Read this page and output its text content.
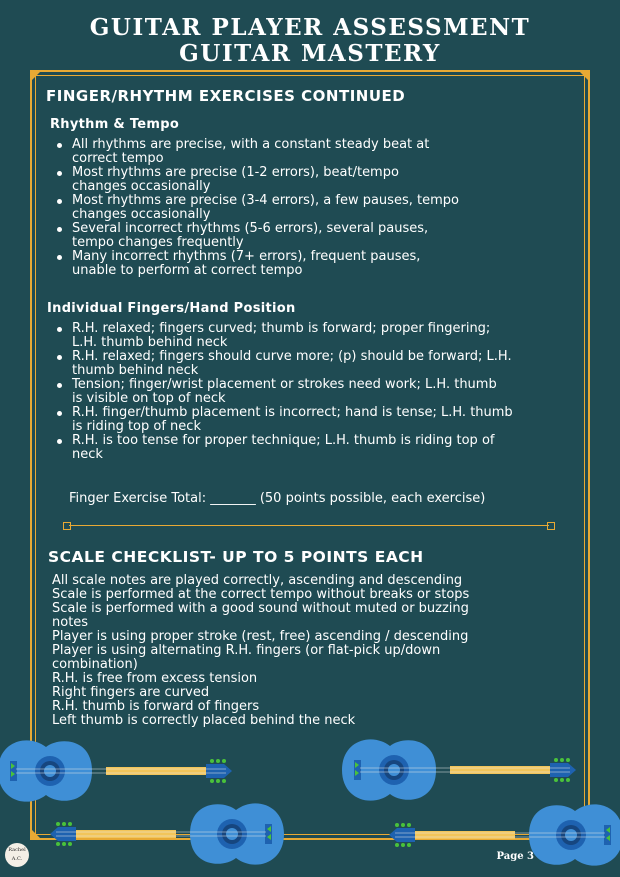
GUITAR PLAYER ASSESSMENT
GUITAR MASTERY
FINGER/RHYTHM EXERCISES CONTINUED
Rhythm & Tempo
All rhythms are precise, with a constant steady beat at
correct tempo
Most rhythms are precise (1-2 errors), beat/tempo
changes occasionally
Most rhythms are precise (3-4 errors), a few pauses, tempo
changes occasionally
Several incorrect rhythms (5-6 errors), several pauses,
tempo changes frequently
Many incorrect rhythms (7+ errors), frequent pauses,
unable to perform at correct tempo
Individual Fingers/Hand Position
R.H. relaxed; fingers curved; thumb is forward; proper fingering;
L.H. thumb behind neck
R.H. relaxed; fingers should curve more; (p) should be forward; L.H.
thumb behind neck
Tension; finger/wrist placement or strokes need work; L.H. thumb
is visible on top of neck
R.H. finger/thumb placement is incorrect; hand is tense; L.H. thumb
is riding top of neck
R.H. is too tense for proper technique; L.H. thumb is riding top of
neck
Finger Exercise Total: _______ (50 points possible, each exercise)
SCALE CHECKLIST- UP TO 5 POINTS EACH
All scale notes are played correctly, ascending and descending
Scale is performed at the correct tempo without breaks or stops
Scale is performed with a good sound without muted or buzzing
notes
Player is using proper stroke (rest, free) ascending / descending
Player is using alternating R.H. fingers (or flat-pick up/down
combination)
R.H. is free from excess tension
Right fingers are curved
R.H. thumb is forward of fingers
Left thumb is correctly placed behind the neck
Rachel
A.C.	Page 3
